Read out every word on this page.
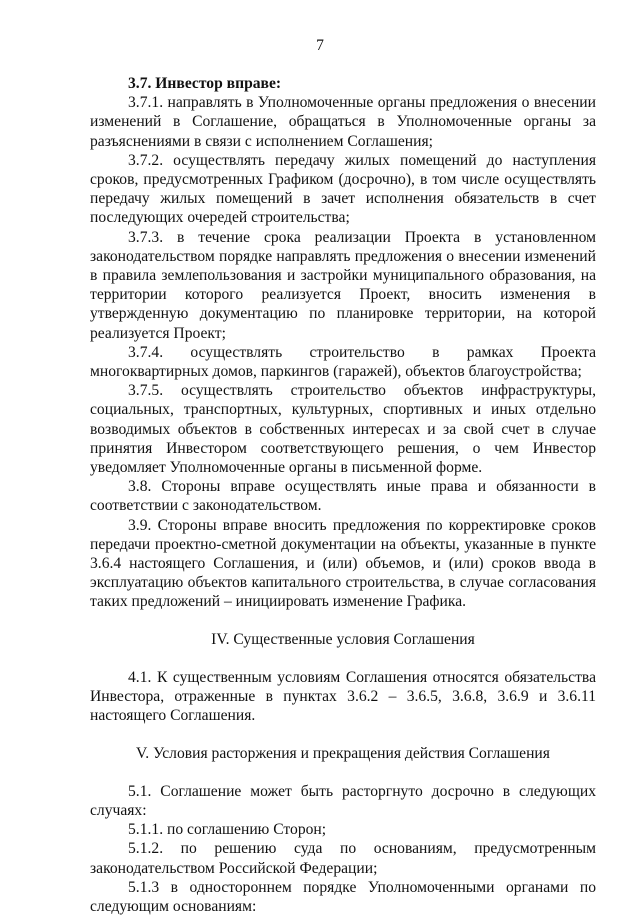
7

3.7. Инвестор вправе:

3.7.1. направлять в Уполномоченные органы предложения о внесении изменений в Соглашение, обращаться в Уполномоченные органы за разъяснениями в связи с исполнением Соглашения;

3.7.2. осуществлять передачу жилых помещений до наступления сроков, предусмотренных Графиком (досрочно), в том числе осуществлять передачу жилых помещений в зачет исполнения обязательств в счет последующих очередей строительства;

3.7.3. в течение срока реализации Проекта в установленном законодательством порядке направлять предложения о внесении изменений в правила землепользования и застройки муниципального образования, на территории которого реализуется Проект, вносить изменения в утвержденную документацию по планировке территории, на которой реализуется Проект;

3.7.4. осуществлять строительство в рамках Проекта многоквартирных домов, паркингов (гаражей), объектов благоустройства;

3.7.5. осуществлять строительство объектов инфраструктуры, социальных, транспортных, культурных, спортивных и иных отдельно возводимых объектов в собственных интересах и за свой счет в случае принятия Инвестором соответствующего решения, о чем Инвестор уведомляет Уполномоченные органы в письменной форме.

3.8. Стороны вправе осуществлять иные права и обязанности в соответствии с законодательством.

3.9. Стороны вправе вносить предложения по корректировке сроков передачи проектно-сметной документации на объекты, указанные в пункте 3.6.4 настоящего Соглашения, и (или) объемов, и (или) сроков ввода в эксплуатацию объектов капитального строительства, в случае согласования таких предложений – инициировать изменение Графика.

IV. Существенные условия Соглашения

4.1. К существенным условиям Соглашения относятся обязательства Инвестора, отраженные в пунктах 3.6.2 – 3.6.5, 3.6.8, 3.6.9 и 3.6.11 настоящего Соглашения.

V. Условия расторжения и прекращения действия Соглашения

5.1. Соглашение может быть расторгнуто досрочно в следующих случаях:

5.1.1. по соглашению Сторон;

5.1.2. по решению суда по основаниям, предусмотренным законодательством Российской Федерации;

5.1.3 в одностороннем порядке Уполномоченными органами по следующим основаниям:
